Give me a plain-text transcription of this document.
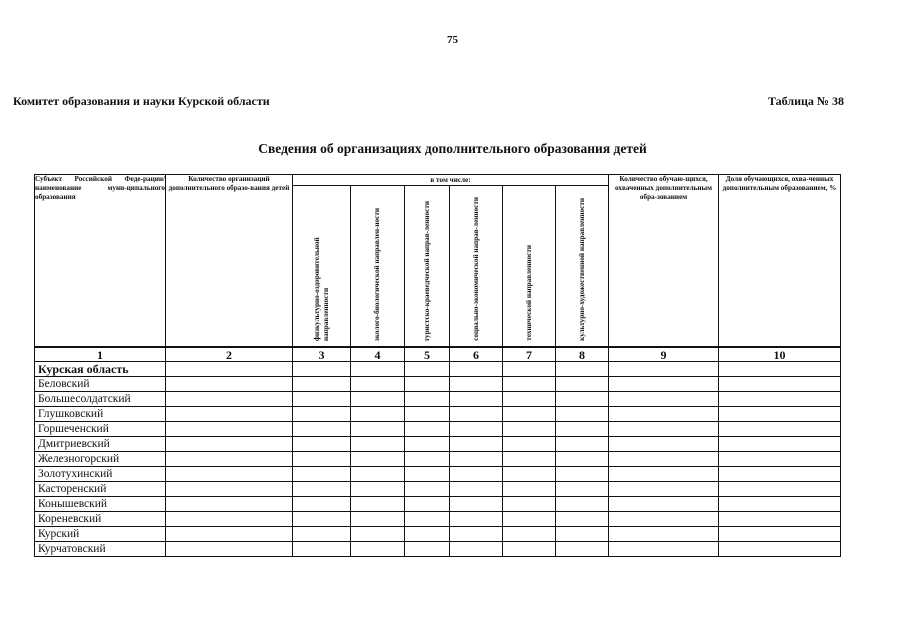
75
Комитет образования и науки Курской области	Таблица № 38
Сведения об организациях дополнительного образования детей
Субъект Российской Феде-рации/наименование муни-ципального образования	Количество организаций дополнительного образо-вания детей	в том числе:						Количество обучаю-щихся, охваченных дополнительным обра-зованием	Доля обучающихся, охва-ченных дополнительным образованием, %
		физкультурно-оздоровительной направленности	эколого-биологической направлен-ности	туристско-краеведческой направ-ленности	социально-экономической направ-ленности	технической направленности	культурно-художественной направленности		
1	2	3	4	5	6	7	8	9	10
Курская область									
Беловский									
Большесолдатский									
Глушковский									
Горшеченский									
Дмитриевский									
Железногорский									
Золотухинский									
Касторенский									
Конышевский									
Кореневский									
Курский									
Курчатовский									
